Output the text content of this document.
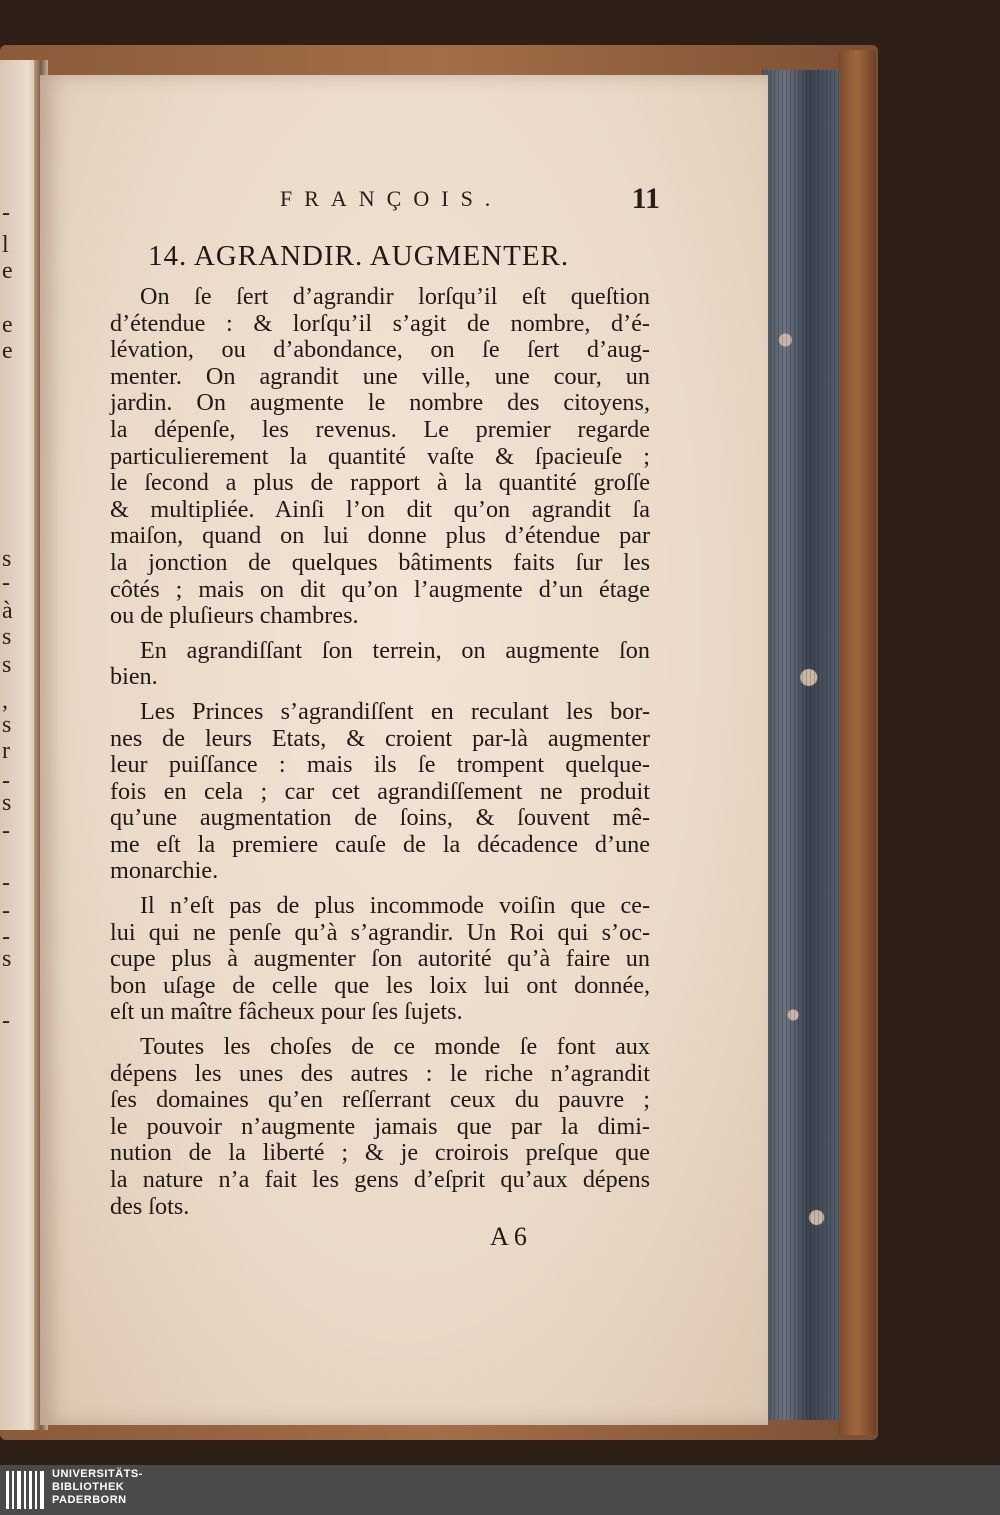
-
l
e
e
e
s
-
à
s
s
,
s
r
-
s
-
-
-
-
s
-
FRANÇOIS.	11
14. AGRANDIR. AUGMENTER.
On ſe ſert d’agrandir lorſqu’il eſt queſtion
d’étendue : & lorſqu’il s’agit de nombre, d’é-
lévation, ou d’abondance, on ſe ſert d’aug-
menter. On agrandit une ville, une cour, un
jardin. On augmente le nombre des citoyens,
la dépenſe, les revenus. Le premier regarde
particulierement la quantité vaſte & ſpacieuſe ;
le ſecond a plus de rapport à la quantité groſſe
& multipliée. Ainſi l’on dit qu’on agrandit ſa
maiſon, quand on lui donne plus d’étendue par
la jonction de quelques bâtiments faits ſur les
côtés ; mais on dit qu’on l’augmente d’un étage
ou de pluſieurs chambres.
En agrandiſſant ſon terrein, on augmente ſon
bien.
Les Princes s’agrandiſſent en reculant les bor-
nes de leurs Etats, & croient par-là augmenter
leur puiſſance : mais ils ſe trompent quelque-
fois en cela ; car cet agrandiſſement ne produit
qu’une augmentation de ſoins, & ſouvent mê-
me eſt la premiere cauſe de la décadence d’une
monarchie.
Il n’eſt pas de plus incommode voiſin que ce-
lui qui ne penſe qu’à s’agrandir. Un Roi qui s’oc-
cupe plus à augmenter ſon autorité qu’à faire un
bon uſage de celle que les loix lui ont donnée,
eſt un maître fâcheux pour ſes ſujets.
Toutes les choſes de ce monde ſe font aux
dépens les unes des autres : le riche n’agrandit
ſes domaines qu’en reſſerrant ceux du pauvre ;
le pouvoir n’augmente jamais que par la dimi-
nution de la liberté ; & je croirois preſque que
la nature n’a fait les gens d’eſprit qu’aux dépens
des ſots.
A 6
UNIVERSITÄTS-
BIBLIOTHEK
PADERBORN
